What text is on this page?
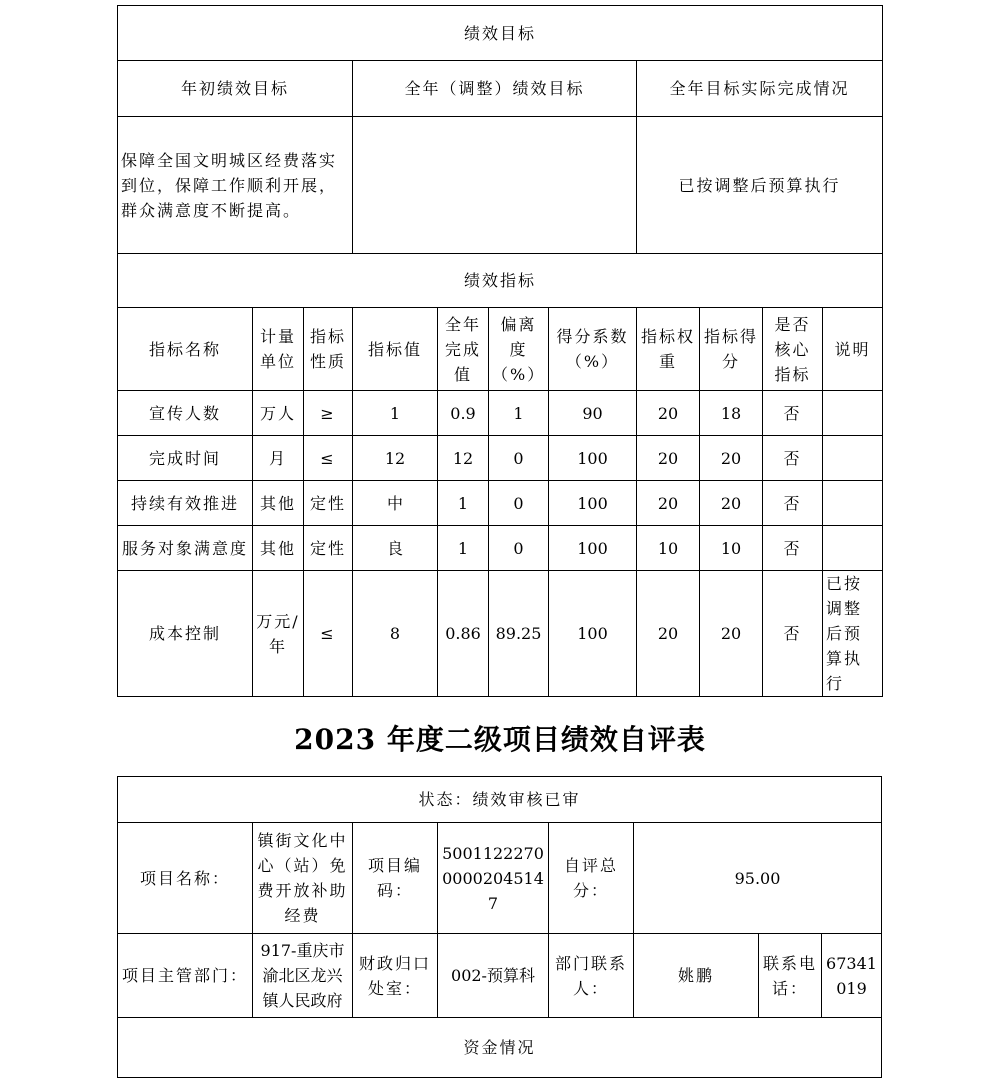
绩效目标										
年初绩效目标			全年（调整）绩效目标				全年目标实际完成情况			
保障全国文明城区经费落实到位，保障工作顺利开展，群众满意度不断提高。							已按调整后预算执行			
绩效指标										
指标名称	计量单位	指标性质	指标值	全年完成值	偏离度（%）	得分系数（%）	指标权重	指标得分	是否核心指标	说明
宣传人数	万人	≥	1	0.9	1	90	20	18	否	
完成时间	月	≤	12	12	0	100	20	20	否	
持续有效推进	其他	定性	中	1	0	100	20	20	否	
服务对象满意度	其他	定性	良	1	0	100	10	10	否	
成本控制	万元/年	≤	8	0.86	89.25	100	20	20	否	已按调整后预算执行
2023 年度二级项目绩效自评表
状态：绩效审核已审							
项目名称：	镇街文化中心（站）免费开放补助经费	项目编码：	500112227000002045147	自评总分：	95.00		
项目主管部门：	917-重庆市渝北区龙兴镇人民政府	财政归口处室：	002-预算科	部门联系人：	姚鹏	联系电话：	67341019
资金情况							
